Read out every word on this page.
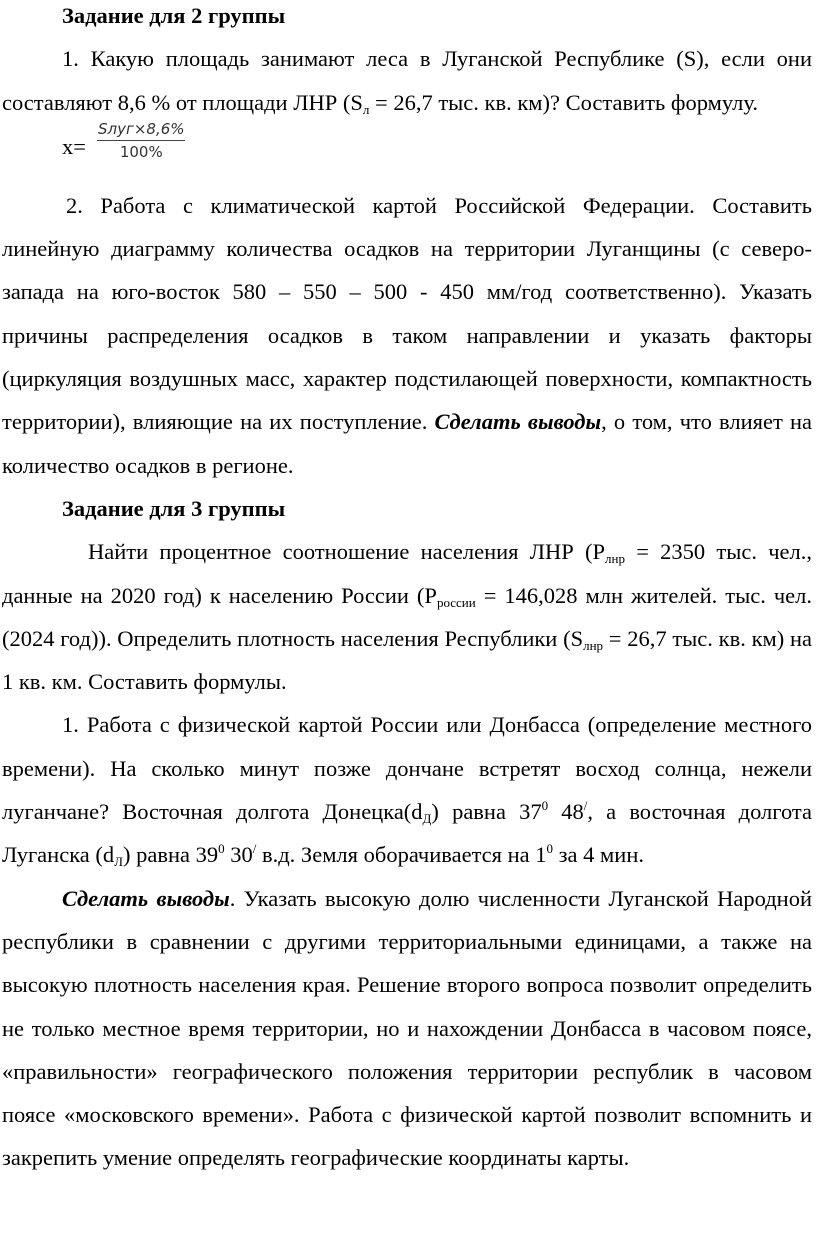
Задание для 2 группы

1. Какую площадь занимают леса в Луганской Республике (S), если они составляют 8,6 % от площади ЛНР ($S_л = 26,7$ тыс. кв. км)? Составить формулу.

x=
Sлуг×8,6%
100%

2. Работа с климатической картой Российской Федерации. Составить линейную диаграмму количества осадков на территории Луганщины (с северо-запада на юго-восток 580 – 550 – 500 - 450 мм/год соответственно). Указать причины распределения осадков в таком направлении и указать факторы (циркуляция воздушных масс, характер подстилающей поверхности, компактность территории), влияющие на их поступление. Сделать выводы, о том, что влияет на количество осадков в регионе.

Задание для 3 группы

Найти процентное соотношение населения ЛНР ($P_{лнр} = 2350$ тыс. чел., данные на 2020 год) к населению России ($P_{россии} = 146,028$ млн жителей. тыс. чел. (2024 год)). Определить плотность населения Республики ($S_{лнр} = 26,7$ тыс. кв. км) на 1 кв. км. Составить формулы.

1. Работа с физической картой России или Донбасса (определение местного времени). На сколько минут позже дончане встретят восход солнца, нежели луганчане? Восточная долгота $Донецка(d_Д)$ равна $37^0$ 48/, а восточная долгота Луганска $(d_Л)$ равна $39^0$ 30/ в.д. Земля оборачивается на $1^0$ за 4 мин.

Сделать выводы. Указать высокую долю численности Луганской Народной республики в сравнении с другими территориальными единицами, а также на высокую плотность населения края. Решение второго вопроса позволит определить не только местное время территории, но и нахождении Донбасса в часовом поясе, «правильности» географического положения территории республик в часовом поясе «московского времени». Работа с физической картой позволит вспомнить и закрепить умение определять географические координаты карты.
